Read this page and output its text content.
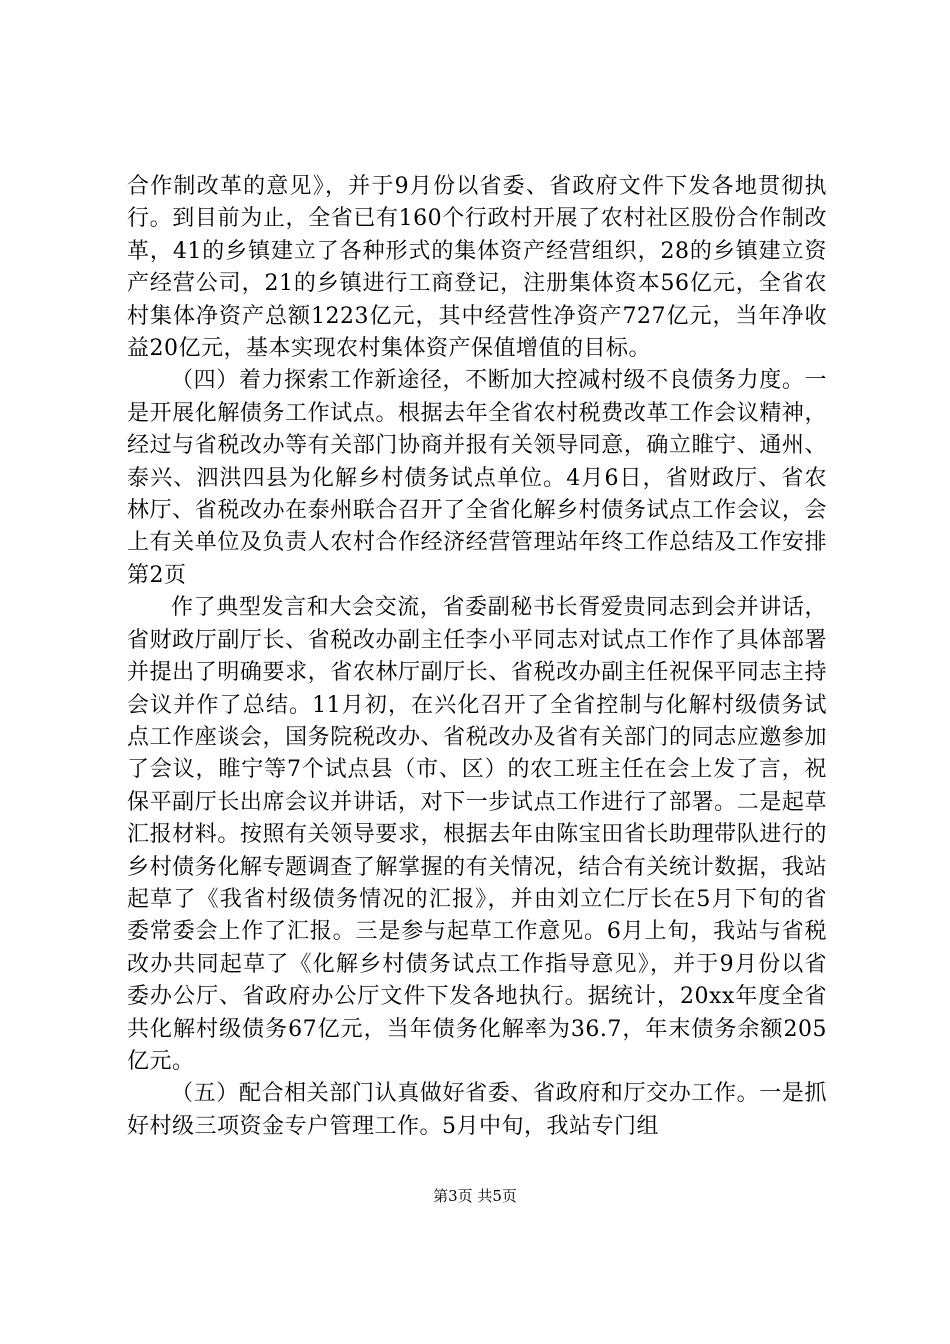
合作制改革的意见》，并于9月份以省委、省政府文件下发各地贯彻执行。到目前为止，全省已有160个行政村开展了农村社区股份合作制改革，41的乡镇建立了各种形式的集体资产经营组织，28的乡镇建立资产经营公司，21的乡镇进行工商登记，注册集体资本56亿元，全省农村集体净资产总额1223亿元，其中经营性净资产727亿元，当年净收益20亿元，基本实现农村集体资产保值增值的目标。

（四）着力探索工作新途径，不断加大控减村级不良债务力度。一是开展化解债务工作试点。根据去年全省农村税费改革工作会议精神，经过与省税改办等有关部门协商并报有关领导同意，确立睢宁、通州、泰兴、泗洪四县为化解乡村债务试点单位。4月6日，省财政厅、省农林厅、省税改办在泰州联合召开了全省化解乡村债务试点工作会议，会上有关单位及负责人农村合作经济经营管理站年终工作总结及工作安排第2页

作了典型发言和大会交流，省委副秘书长胥爱贵同志到会并讲话，省财政厅副厅长、省税改办副主任李小平同志对试点工作作了具体部署并提出了明确要求，省农林厅副厅长、省税改办副主任祝保平同志主持会议并作了总结。11月初，在兴化召开了全省控制与化解村级债务试点工作座谈会，国务院税改办、省税改办及省有关部门的同志应邀参加了会议，睢宁等7个试点县（市、区）的农工班主任在会上发了言，祝保平副厅长出席会议并讲话，对下一步试点工作进行了部署。二是起草汇报材料。按照有关领导要求，根据去年由陈宝田省长助理带队进行的乡村债务化解专题调查了解掌握的有关情况，结合有关统计数据，我站起草了《我省村级债务情况的汇报》，并由刘立仁厅长在5月下旬的省委常委会上作了汇报。三是参与起草工作意见。6月上旬，我站与省税改办共同起草了《化解乡村债务试点工作指导意见》，并于9月份以省委办公厅、省政府办公厅文件下发各地执行。据统计，20xx年度全省共化解村级债务67亿元，当年债务化解率为36.7，年末债务余额205亿元。

（五）配合相关部门认真做好省委、省政府和厅交办工作。一是抓好村级三项资金专户管理工作。5月中旬，我站专门组

第3页 共5页
